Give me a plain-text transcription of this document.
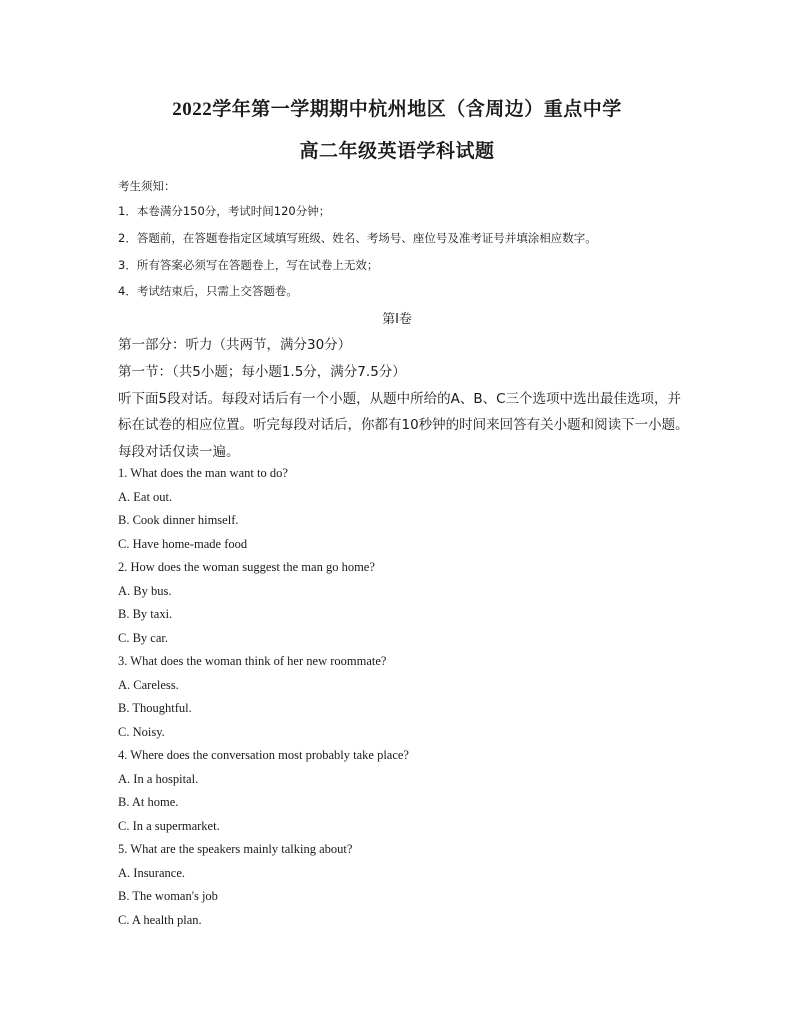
2022学年第一学期期中杭州地区（含周边）重点中学
高二年级英语学科试题
考生须知：
1．本卷满分150分，考试时间120分钟；
2．答题前，在答题卷指定区域填写班级、姓名、考场号、座位号及准考证号并填涂相应数字。
3．所有答案必须写在答题卷上，写在试卷上无效；
4．考试结束后，只需上交答题卷。
第I卷
第一部分：听力（共两节，满分30分）
第一节：（共5小题；每小题1.5分，满分7.5分）
听下面5段对话。每段对话后有一个小题，从题中所给的A、B、C三个选项中选出最佳选项，并
标在试卷的相应位置。听完每段对话后，你都有10秒钟的时间来回答有关小题和阅读下一小题。
每段对话仅读一遍。
1. What does the man want to do?
A. Eat out.
B. Cook dinner himself.
C. Have home-made food
2. How does the woman suggest the man go home?
A. By bus.
B. By taxi.
C. By car.
3. What does the woman think of her new roommate?
A. Careless.
B. Thoughtful.
C. Noisy.
4. Where does the conversation most probably take place?
A. In a hospital.
B. At home.
C. In a supermarket.
5. What are the speakers mainly talking about?
A. Insurance.
B. The woman's job
C. A health plan.
